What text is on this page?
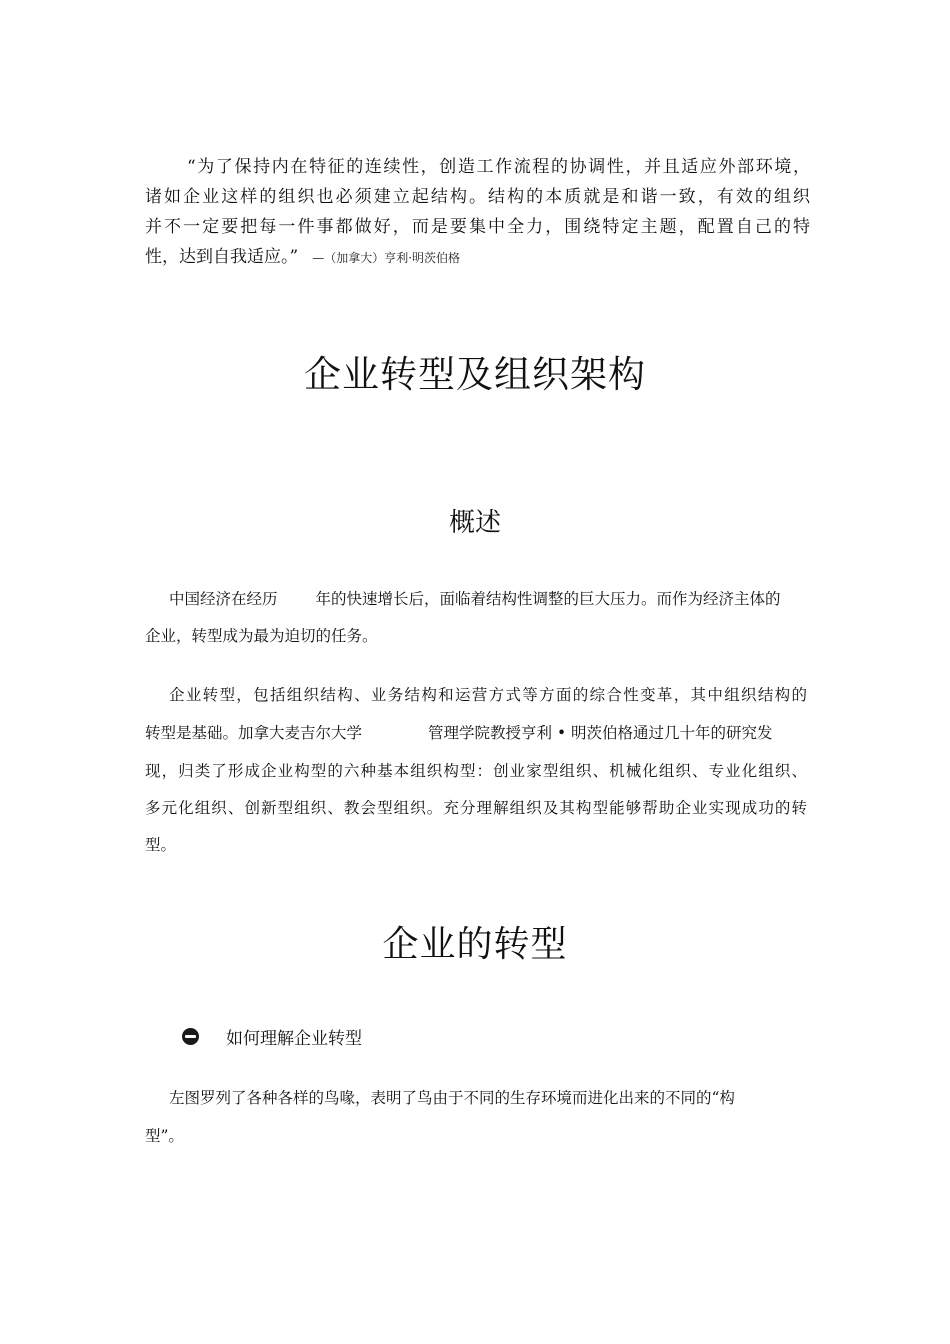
“为了保持内在特征的连续性，创造工作流程的协调性，并且适应外部环境，
诸如企业这样的组织也必须建立起结构。结构的本质就是和谐一致，有效的组织
并不一定要把每一件事都做好，而是要集中全力，围绕特定主题，配置自己的特
性，达到自我适应。” —（加拿大）亨利·明茨伯格
企业转型及组织架构
概述
中国经济在经历 年的快速增长后，面临着结构性调整的巨大压力。而作为经济主体的
企业，转型成为最为迫切的任务。
企业转型，包括组织结构、业务结构和运营方式等方面的综合性变革，其中组织结构的
转型是基础。加拿大麦吉尔大学	管理学院教授亨利 • 明茨伯格通过几十年的研究发
现，归类了形成企业构型的六种基本组织构型：创业家型组织、机械化组织、专业化组织、
多元化组织、创新型组织、教会型组织。充分理解组织及其构型能够帮助企业实现成功的转
型。
企业的转型
如何理解企业转型
左图罗列了各种各样的鸟喙，表明了鸟由于不同的生存环境而进化出来的不同的“构
型”。
